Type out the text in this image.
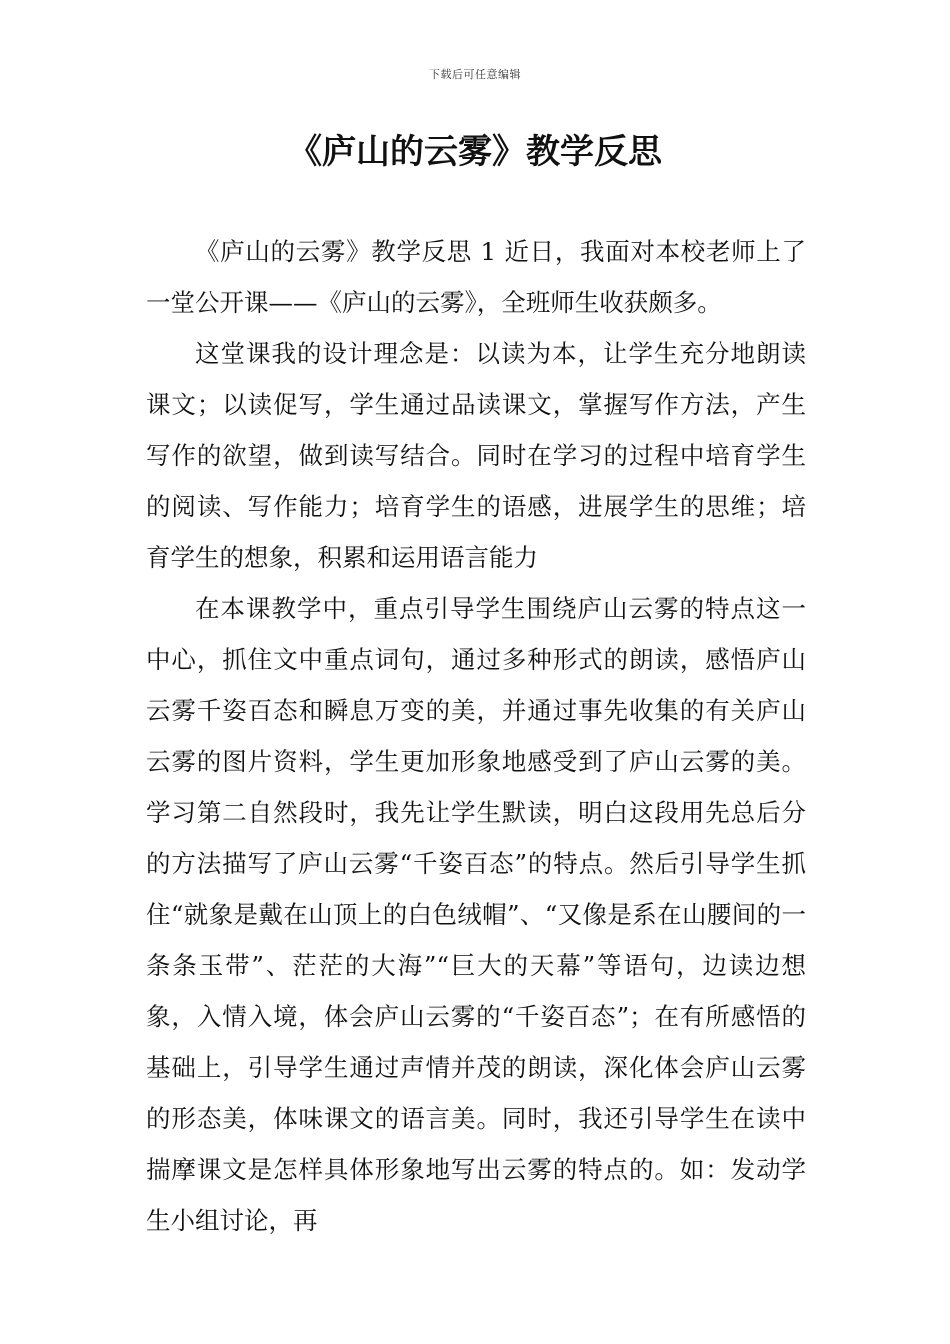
下载后可任意编辑
《庐山的云雾》教学反思

《庐山的云雾》教学反思 1 近日，我面对本校老师上了一堂公开课——《庐山的云雾》，全班师生收获颇多。

这堂课我的设计理念是：以读为本，让学生充分地朗读课文；以读促写，学生通过品读课文，掌握写作方法，产生写作的欲望，做到读写结合。同时在学习的过程中培育学生的阅读、写作能力；培育学生的语感，进展学生的思维；培育学生的想象，积累和运用语言能力

在本课教学中，重点引导学生围绕庐山云雾的特点这一中心，抓住文中重点词句，通过多种形式的朗读，感悟庐山云雾千姿百态和瞬息万变的美，并通过事先收集的有关庐山云雾的图片资料，学生更加形象地感受到了庐山云雾的美。学习第二自然段时，我先让学生默读，明白这段用先总后分的方法描写了庐山云雾“千姿百态”的特点。然后引导学生抓住“就象是戴在山顶上的白色绒帽”、“又像是系在山腰间的一条条玉带”、茫茫的大海”“巨大的天幕”等语句，边读边想象，入情入境，体会庐山云雾的“千姿百态”；在有所感悟的基础上，引导学生通过声情并茂的朗读，深化体会庐山云雾的形态美，体味课文的语言美。同时，我还引导学生在读中揣摩课文是怎样具体形象地写出云雾的特点的。如：发动学生小组讨论，再
